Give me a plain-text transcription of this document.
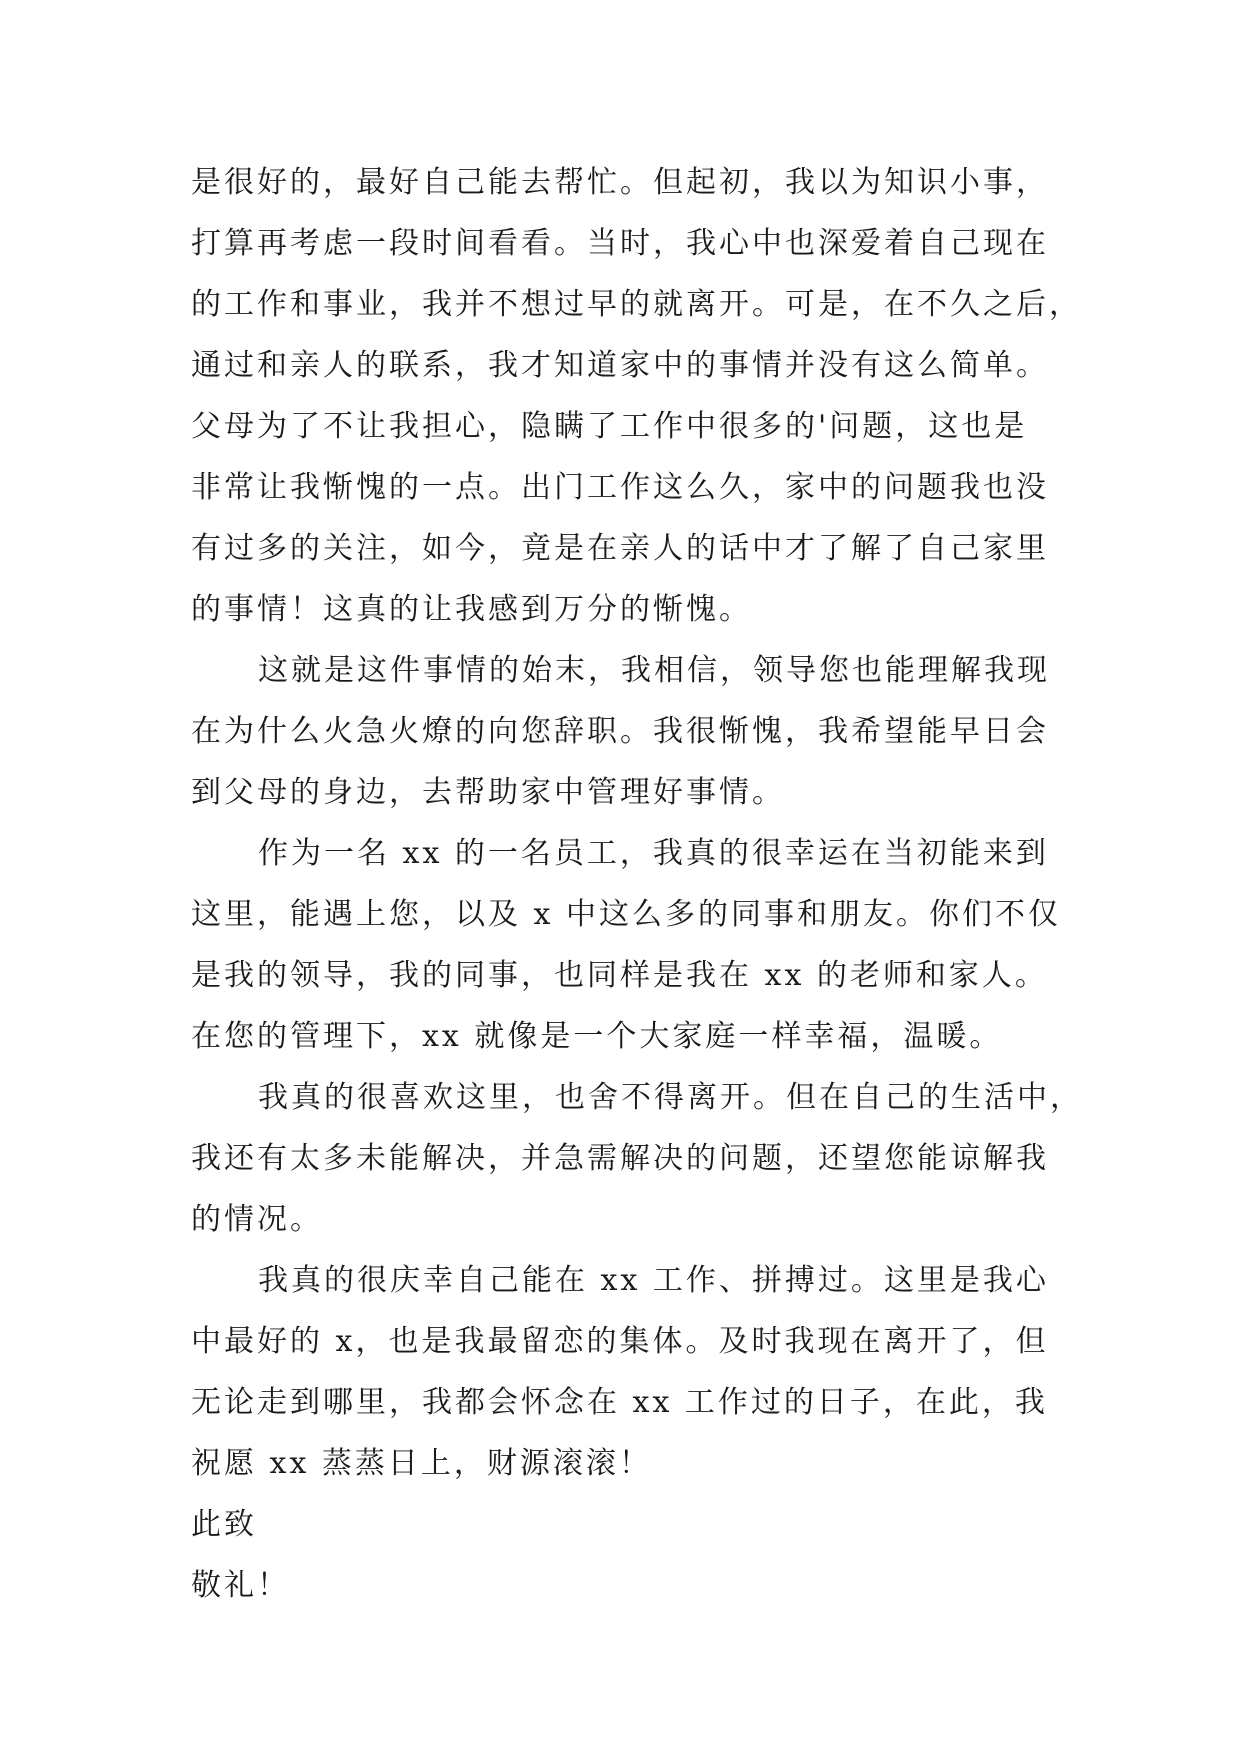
是很好的，最好自己能去帮忙。但起初，我以为知识小事，
打算再考虑一段时间看看。当时，我心中也深爱着自己现在
的工作和事业，我并不想过早的就离开。可是，在不久之后，
通过和亲人的联系，我才知道家中的事情并没有这么简单。
父母为了不让我担心，隐瞒了工作中很多的'问题，这也是
非常让我惭愧的一点。出门工作这么久，家中的问题我也没
有过多的关注，如今，竟是在亲人的话中才了解了自己家里
的事情！这真的让我感到万分的惭愧。

这就是这件事情的始末，我相信，领导您也能理解我现
在为什么火急火燎的向您辞职。我很惭愧，我希望能早日会
到父母的身边，去帮助家中管理好事情。

作为一名 xx 的一名员工，我真的很幸运在当初能来到
这里，能遇上您，以及 x 中这么多的同事和朋友。你们不仅
是我的领导，我的同事，也同样是我在 xx 的老师和家人。
在您的管理下，xx 就像是一个大家庭一样幸福，温暖。

我真的很喜欢这里，也舍不得离开。但在自己的生活中，
我还有太多未能解决，并急需解决的问题，还望您能谅解我
的情况。

我真的很庆幸自己能在 xx 工作、拼搏过。这里是我心
中最好的 x，也是我最留恋的集体。及时我现在离开了，但
无论走到哪里，我都会怀念在 xx 工作过的日子，在此，我
祝愿 xx 蒸蒸日上，财源滚滚！

此致
敬礼！
